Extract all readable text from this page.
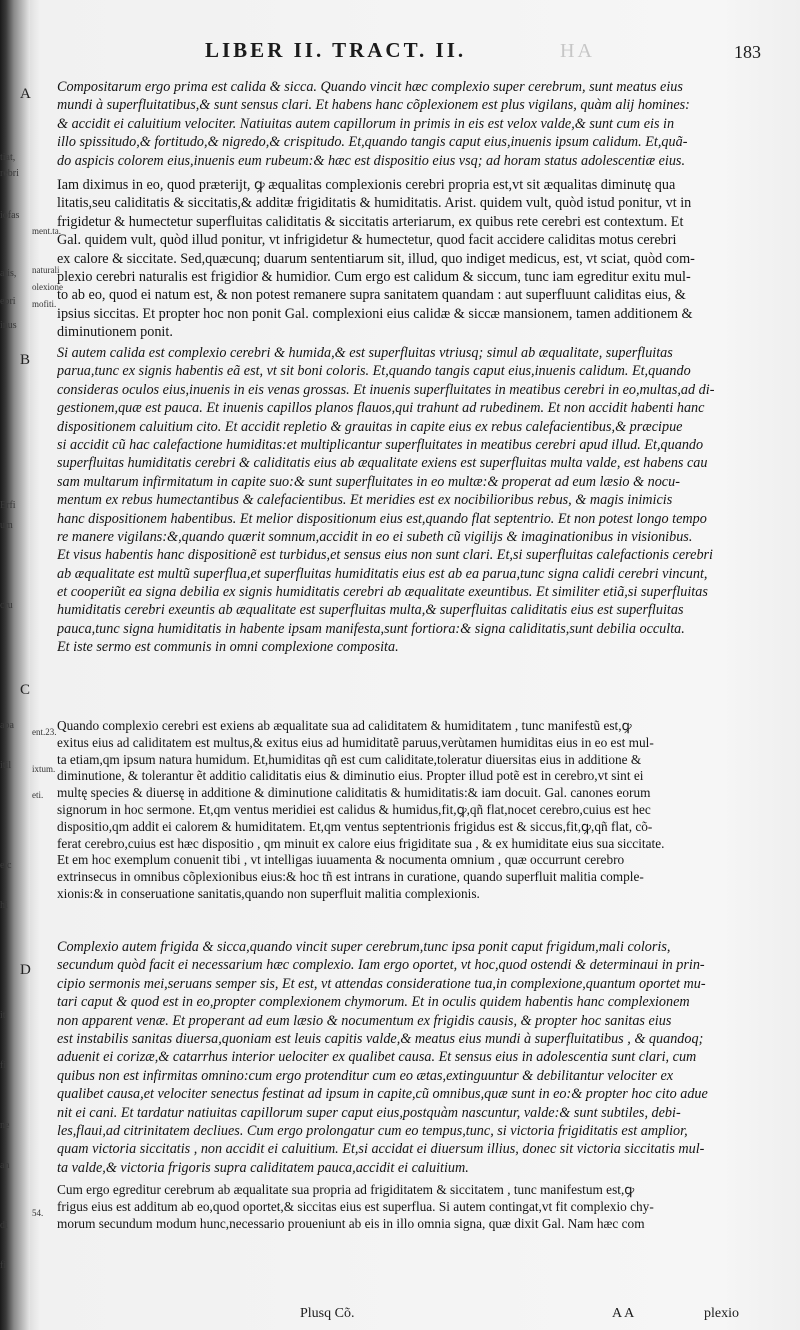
tiat,
rebri
iofas
alis,
ebri
inus
Erfi
um
cru
apa
itil
e c
hi
it
fi
ne
an
di
fi
HA
LIBER II. TRACT. II.	183
A
B
C
D
ment.ta.
naturali
olexione
mofiti.
ent.23.
ixtum.
eti.
54.
Compositarum ergo prima est calida & sicca. Quando vincit hæc complexio super cerebrum, sunt meatus eius
mundi à superfluitatibus,& sunt sensus clari. Et habens hanc cõplexionem est plus vigilans, quàm alij homines:
& accidit ei caluitium velociter. Natiuitas autem capillorum in primis in eis est velox valde,& sunt cum eis in
illo spissitudo,& fortitudo,& nigredo,& crispitudo. Et,quando tangis caput eius,inuenis ipsum calidum. Et,quã-
do aspicis colorem eius,inuenis eum rubeum:& hæc est dispositio eius vsq; ad horam status adolescentiæ eius.
Iam diximus in eo, quod præterijt, ꝙ æqualitas complexionis cerebri propria est,vt sit æqualitas diminutę qua
litatis,seu caliditatis & siccitatis,& additæ frigiditatis & humiditatis. Arist. quidem vult, quòd istud ponitur, vt in
frigidetur & humectetur superfluitas caliditatis & siccitatis arteriarum, ex quibus rete cerebri est contextum. Et
Gal. quidem vult, quòd illud ponitur, vt infrigidetur & humectetur, quod facit accidere caliditas motus cerebri
ex calore & siccitate. Sed,quæcunq; duarum sententiarum sit, illud, quo indiget medicus, est, vt sciat, quòd com-
plexio cerebri naturalis est frigidior & humidior. Cum ergo est calidum & siccum, tunc iam egreditur exitu mul-
to ab eo, quod ei natum est, & non potest remanere supra sanitatem quandam : aut superfluunt caliditas eius, &
ipsius siccitas. Et propter hoc non ponit Gal. complexioni eius calidæ & siccæ mansionem, tamen additionem &
diminutionem ponit.
Si autem calida est complexio cerebri & humida,& est superfluitas vtriusq; simul ab æqualitate, superfluitas
parua,tunc ex signis habentis eã est, vt sit boni coloris. Et,quando tangis caput eius,inuenis calidum. Et,quando
consideras oculos eius,inuenis in eis venas grossas. Et inuenis superfluitates in meatibus cerebri in eo,multas,ad di-
gestionem,quæ est pauca. Et inuenis capillos planos flauos,qui trahunt ad rubedinem. Et non accidit habenti hanc
dispositionem caluitium cito. Et accidit repletio & grauitas in capite eius ex rebus calefacientibus,& præcipue
si accidit cũ hac calefactione humiditas:et multiplicantur superfluitates in meatibus cerebri apud illud. Et,quando
superfluitas humiditatis cerebri & caliditatis eius ab æqualitate exiens est superfluitas multa valde, est habens cau
sam multarum infirmitatum in capite suo:& sunt superfluitates in eo multæ:& properat ad eum læsio & nocu-
mentum ex rebus humectantibus & calefacientibus. Et meridies est ex nocibilioribus rebus, & magis inimicis
hanc dispositionem habentibus. Et melior dispositionum eius est,quando flat septentrio. Et non potest longo tempo
re manere vigilans:&,quando quærit somnum,accidit in eo ei subeth cũ vigilijs & imaginationibus in visionibus.
Et visus habentis hanc dispositionẽ est turbidus,et sensus eius non sunt clari. Et,si superfluitas calefactionis cerebri
ab æqualitate est multũ superflua,et superfluitas humiditatis eius est ab ea parua,tunc signa calidi cerebri vincunt,
et cooperiũt ea signa debilia ex signis humiditatis cerebri ab æqualitate exeuntibus. Et similiter etiã,si superfluitas
humiditatis cerebri exeuntis ab æqualitate est superfluitas multa,& superfluitas caliditatis eius est superfluitas
pauca,tunc signa humiditatis in habente ipsam manifesta,sunt fortiora:& signa caliditatis,sunt debilia occulta.
Et iste sermo est communis in omni complexione composita.
Quando complexio cerebri est exiens ab æqualitate sua ad caliditatem & humiditatem , tunc manifestũ est,ꝙ
exitus eius ad caliditatem est multus,& exitus eius ad humiditatẽ paruus,verùtamen humiditas eius in eo est mul-
ta etiam,qm ipsum natura humidum. Et,humiditas qñ est cum caliditate,toleratur diuersitas eius in additione &
diminutione, & tolerantur ẽt additio caliditatis eius & diminutio eius. Propter illud potẽ est in cerebro,vt sint ei
multę species & diuersę in additione & diminutione caliditatis & humiditatis:& iam docuit. Gal. canones eorum
signorum in hoc sermone. Et,qm ventus meridiei est calidus & humidus,fit,ꝙ,qñ flat,nocet cerebro,cuius est hec
dispositio,qm addit ei calorem & humiditatem. Et,qm ventus septentrionis frigidus est & siccus,fit,ꝙ,qñ flat, cõ-
ferat cerebro,cuius est hæc dispositio , qm minuit ex calore eius frigiditate sua , & ex humiditate eius sua siccitate.
Et em hoc exemplum conuenit tibi , vt intelligas iuuamenta & nocumenta omnium , quæ occurrunt cerebro
extrinsecus in omnibus cõplexionibus eius:& hoc tñ est intrans in curatione, quando superfluit malitia comple-
xionis:& in conseruatione sanitatis,quando non superfluit malitia complexionis.
Complexio autem frigida & sicca,quando vincit super cerebrum,tunc ipsa ponit caput frigidum,mali coloris,
secundum quòd facit ei necessarium hæc complexio. Iam ergo oportet, vt hoc,quod ostendi & determinaui in prin-
cipio sermonis mei,seruans semper sis, Et est, vt attendas consideratione tua,in complexione,quantum oportet mu-
tari caput & quod est in eo,propter complexionem chymorum. Et in oculis quidem habentis hanc complexionem
non apparent venæ. Et properant ad eum læsio & nocumentum ex frigidis causis, & propter hoc sanitas eius
est instabilis sanitas diuersa,quoniam est leuis capitis valde,& meatus eius mundi à superfluitatibus , & quandoq;
aduenit ei corizæ,& catarrhus interior uelociter ex qualibet causa. Et sensus eius in adolescentia sunt clari, cum
quibus non est infirmitas omnino:cum ergo protenditur cum eo ætas,extinguuntur & debilitantur velociter ex
qualibet causa,et velociter senectus festinat ad ipsum in capite,cũ omnibus,quæ sunt in eo:& propter hoc cito adue
nit ei cani. Et tardatur natiuitas capillorum super caput eius,postquàm nascuntur, valde:& sunt subtiles, debi-
les,flaui,ad citrinitatem decliues. Cum ergo prolongatur cum eo tempus,tunc, si victoria frigiditatis est amplior,
quam victoria siccitatis , non accidit ei caluitium. Et,si accidat ei diuersum illius, donec sit victoria siccitatis mul-
ta valde,& victoria frigoris supra caliditatem pauca,accidit ei caluitium.
Cum ergo egreditur cerebrum ab æqualitate sua propria ad frigiditatem & siccitatem , tunc manifestum est,ꝙ
frigus eius est additum ab eo,quod oportet,& siccitas eius est superflua. Si autem contingat,vt fit complexio chy-
morum secundum modum hunc,necessario proueniunt ab eis in illo omnia signa, quæ dixit Gal. Nam hæc com
Plusq Cõ.	A A	plexio
